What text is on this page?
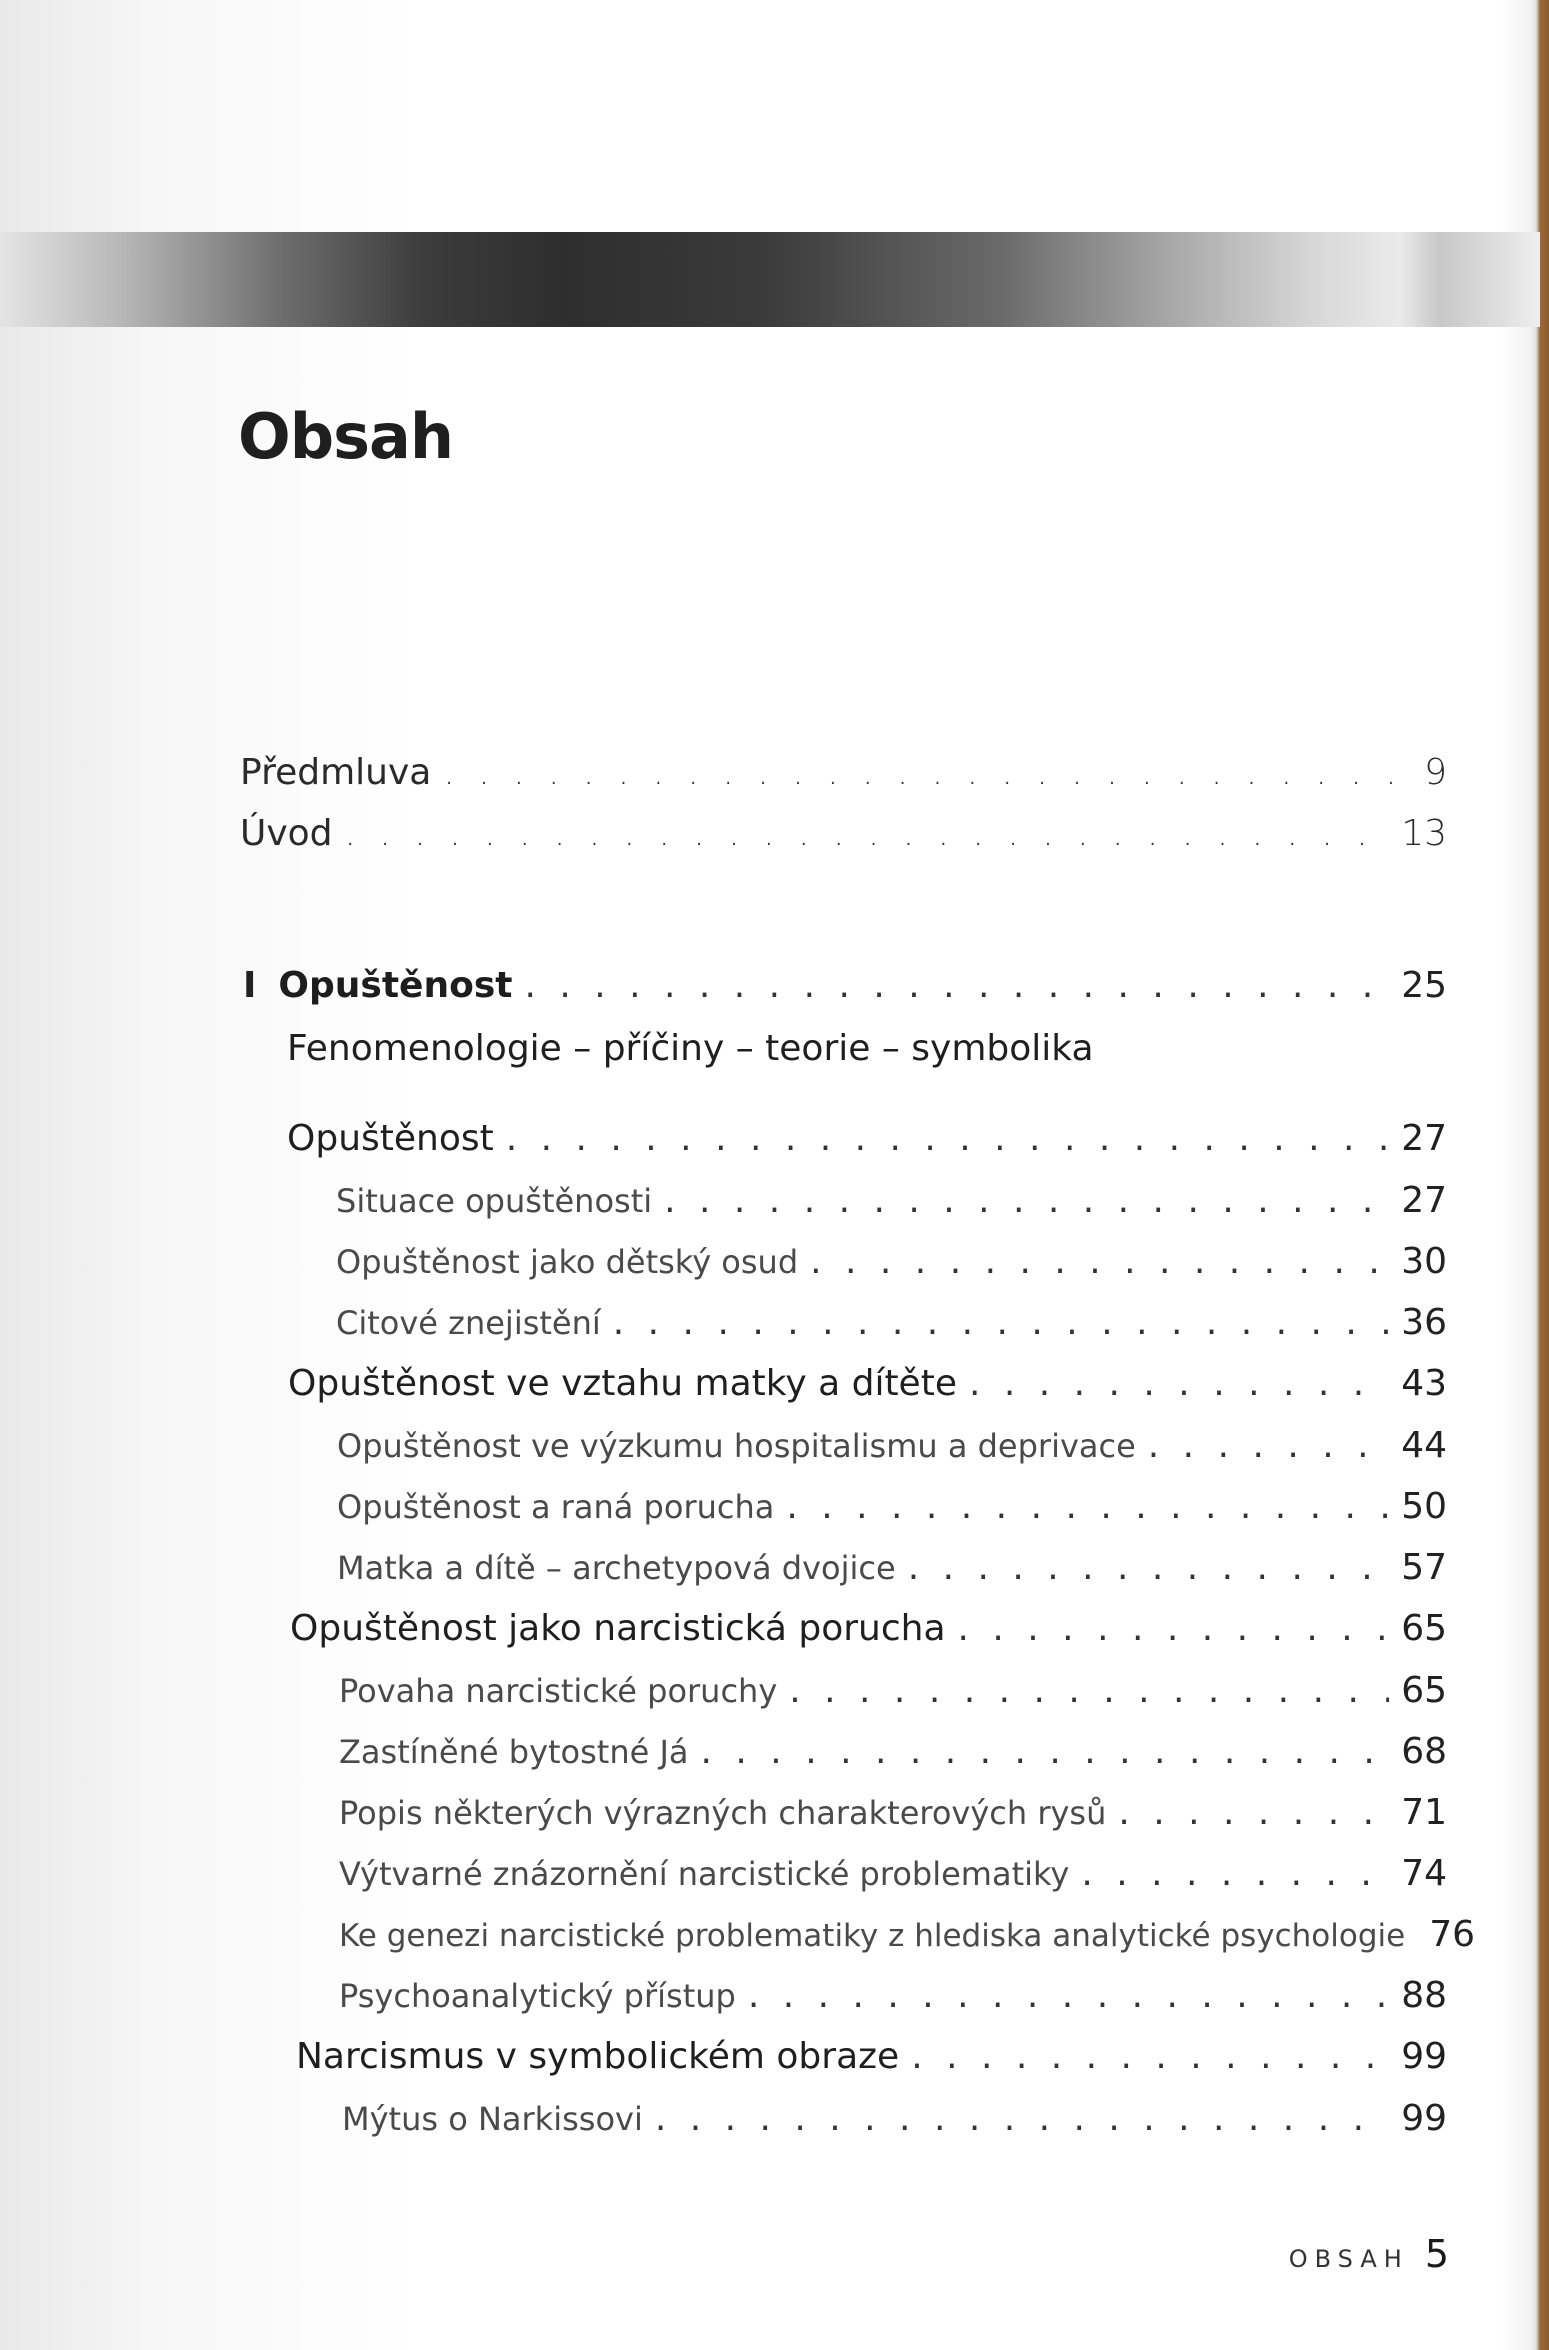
Obsah
Předmluva . . .	9
Úvod . . .	13
I Opuštěnost . . .	25
Fenomenologie – příčiny – teorie – symbolika
Opuštěnost . . .	27
Situace opuštěnosti . . .	27
Opuštěnost jako dětský osud . . .	30
Citové znejistění . . .	36
Opuštěnost ve vztahu matky a dítěte . . .	43
Opuštěnost ve výzkumu hospitalismu a deprivace . . .	44
Opuštěnost a raná porucha . . .	50
Matka a dítě – archetypová dvojice . . .	57
Opuštěnost jako narcistická porucha . . .	65
Povaha narcistické poruchy . . .	65
Zastíněné bytostné Já . . .	68
Popis některých výrazných charakterových rysů . . .	71
Výtvarné znázornění narcistické problematiky . . .	74
Ke genezi narcistické problematiky z hlediska analytické psychologie 76
Psychoanalytický přístup . . .	88
Narcismus v symbolickém obraze . . .	99
Mýtus o Narkissovi . . .	99
OBSAH 5
